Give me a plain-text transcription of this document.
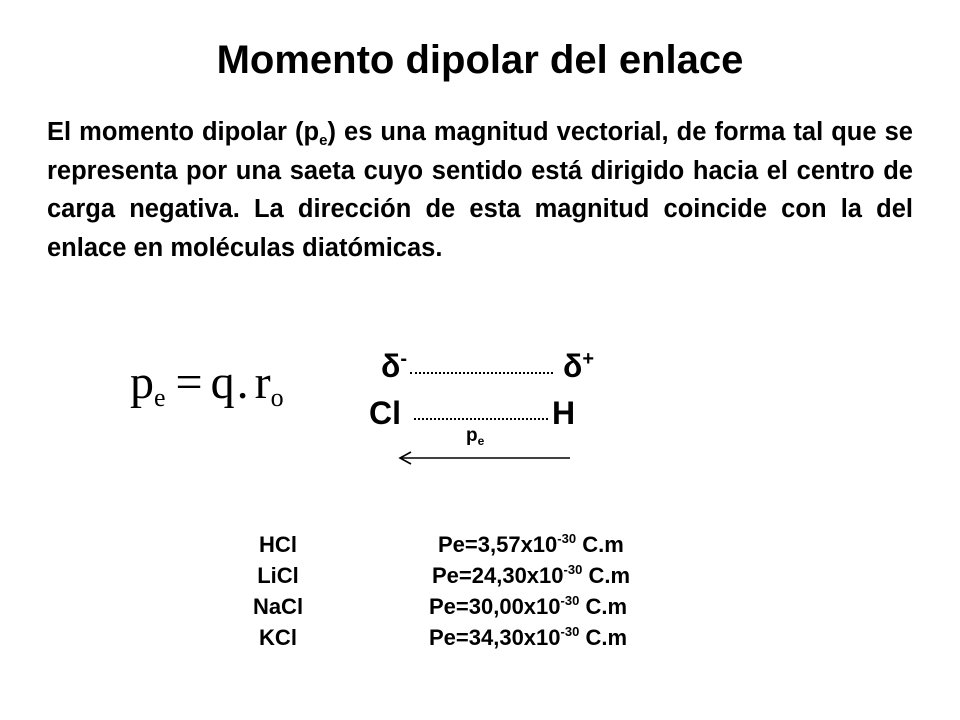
Momento dipolar del enlace
El momento dipolar $(p_e)$ es una magnitud vectorial, de forma tal que se representa por una saeta cuyo sentido está dirigido hacia el centro de carga negativa. La dirección de esta magnitud coincide con la del enlace en moléculas diatómicas.
$p_e = q$. $r_o$
δ-	δ+
Cl	H
$p_e$
HCl	$Pe=3,57x10^{-30}$ C.m
LiCl	$Pe=24,30x10^{-30}$ C.m
NaCl	$Pe=30,00x10^{-30}$ C.m
KCl	$Pe=34,30x10^{-30}$ C.m
